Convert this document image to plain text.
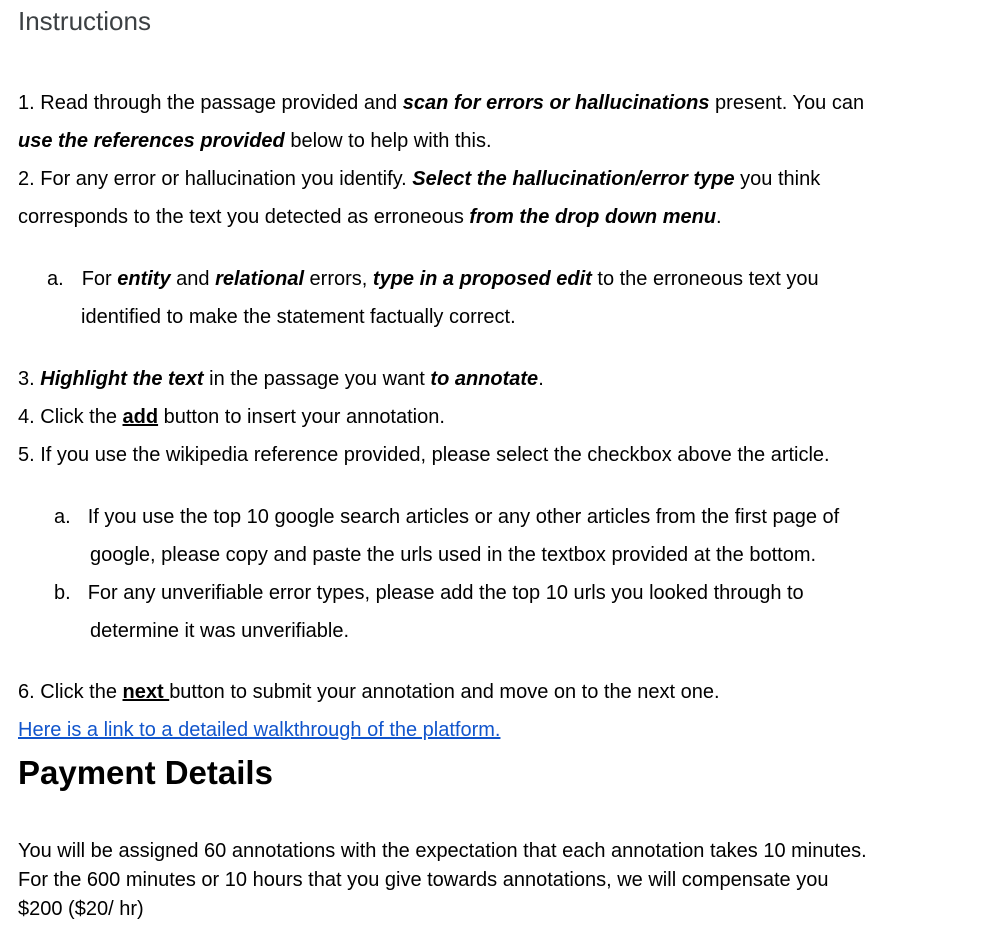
Instructions
1. Read through the passage provided and scan for errors or hallucinations present. You can
use the references provided below to help with this.
2. For any error or hallucination you identify. Select the hallucination/error type you think
corresponds to the text you detected as erroneous from the drop down menu.
a. For entity and relational errors, type in a proposed edit to the erroneous text you
identified to make the statement factually correct.
3. Highlight the text in the passage you want to annotate.
4. Click the add button to insert your annotation.
5. If you use the wikipedia reference provided, please select the checkbox above the article.
a. If you use the top 10 google search articles or any other articles from the first page of
google, please copy and paste the urls used in the textbox provided at the bottom.
b. For any unverifiable error types, please add the top 10 urls you looked through to
determine it was unverifiable.
6. Click the next button to submit your annotation and move on to the next one.
Here is a link to a detailed walkthrough of the platform.
Payment Details
You will be assigned 60 annotations with the expectation that each annotation takes 10 minutes.
For the 600 minutes or 10 hours that you give towards annotations, we will compensate you
$200 ($20/ hr)
